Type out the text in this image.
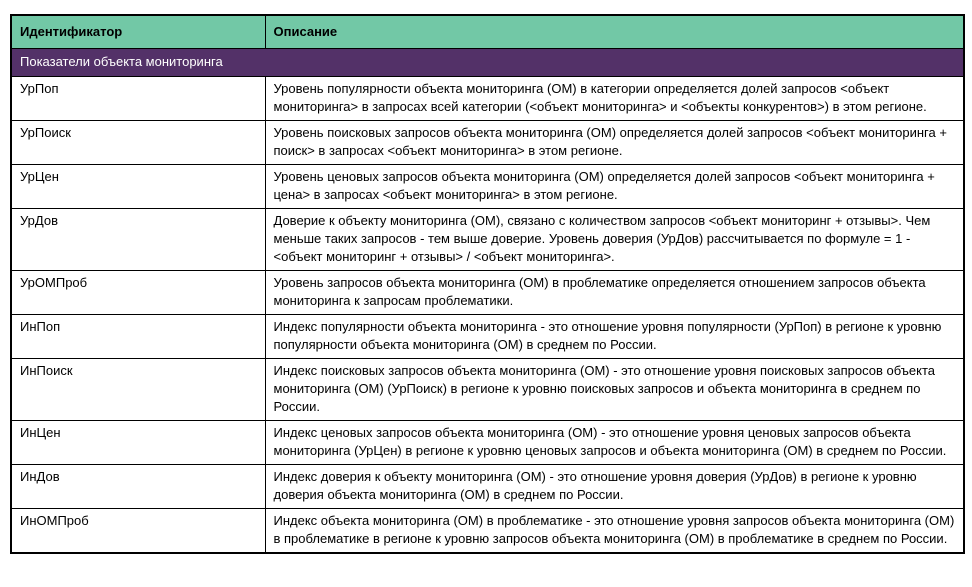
Идентификатор	Описание
Показатели объекта мониторинга	
УрПоп	Уровень популярности объекта мониторинга (ОМ) в категории определяется долей запросов <объект мониторинга> в запросах всей категории (<объект мониторинга> и <объекты конкурентов>) в этом регионе.
УрПоиск	Уровень поисковых запросов объекта мониторинга (ОМ) определяется долей запросов <объект мониторинга + поиск> в запросах <объект мониторинга> в этом регионе.
УрЦен	Уровень ценовых запросов объекта мониторинга (ОМ) определяется долей запросов <объект мониторинга + цена> в запросах <объект мониторинга> в этом регионе.
УрДов	Доверие к объекту мониторинга (ОМ), связано с количеством запросов <объект мониторинг + отзывы>. Чем меньше таких запросов - тем выше доверие. Уровень доверия (УрДов) рассчитывается по формуле = 1 - <объект мониторинг + отзывы> / <объект мониторинга>.
УрОМПроб	Уровень запросов объекта мониторинга (ОМ) в проблематике определяется отношением запросов объекта мониторинга к запросам проблематики.
ИнПоп	Индекс популярности объекта мониторинга - это отношение уровня популярности (УрПоп) в регионе к уровню популярности объекта мониторинга (ОМ) в среднем по России.
ИнПоиск	Индекс поисковых запросов объекта мониторинга (ОМ) - это отношение уровня поисковых запросов объекта мониторинга (ОМ) (УрПоиск) в регионе к уровню поисковых запросов и объекта мониторинга в среднем по России.
ИнЦен	Индекс ценовых запросов объекта мониторинга (ОМ) - это отношение уровня ценовых запросов объекта мониторинга (УрЦен) в регионе к уровню ценовых запросов и объекта мониторинга (ОМ) в среднем по России.
ИнДов	Индекс доверия к объекту мониторинга (ОМ) - это отношение уровня доверия (УрДов) в регионе к уровню доверия объекта мониторинга (ОМ) в среднем по России.
ИнОМПроб	Индекс объекта мониторинга (ОМ) в проблематике - это отношение уровня запросов объекта мониторинга (ОМ) в проблематике в регионе к уровню запросов объекта мониторинга (ОМ) в проблематике в среднем по России.
